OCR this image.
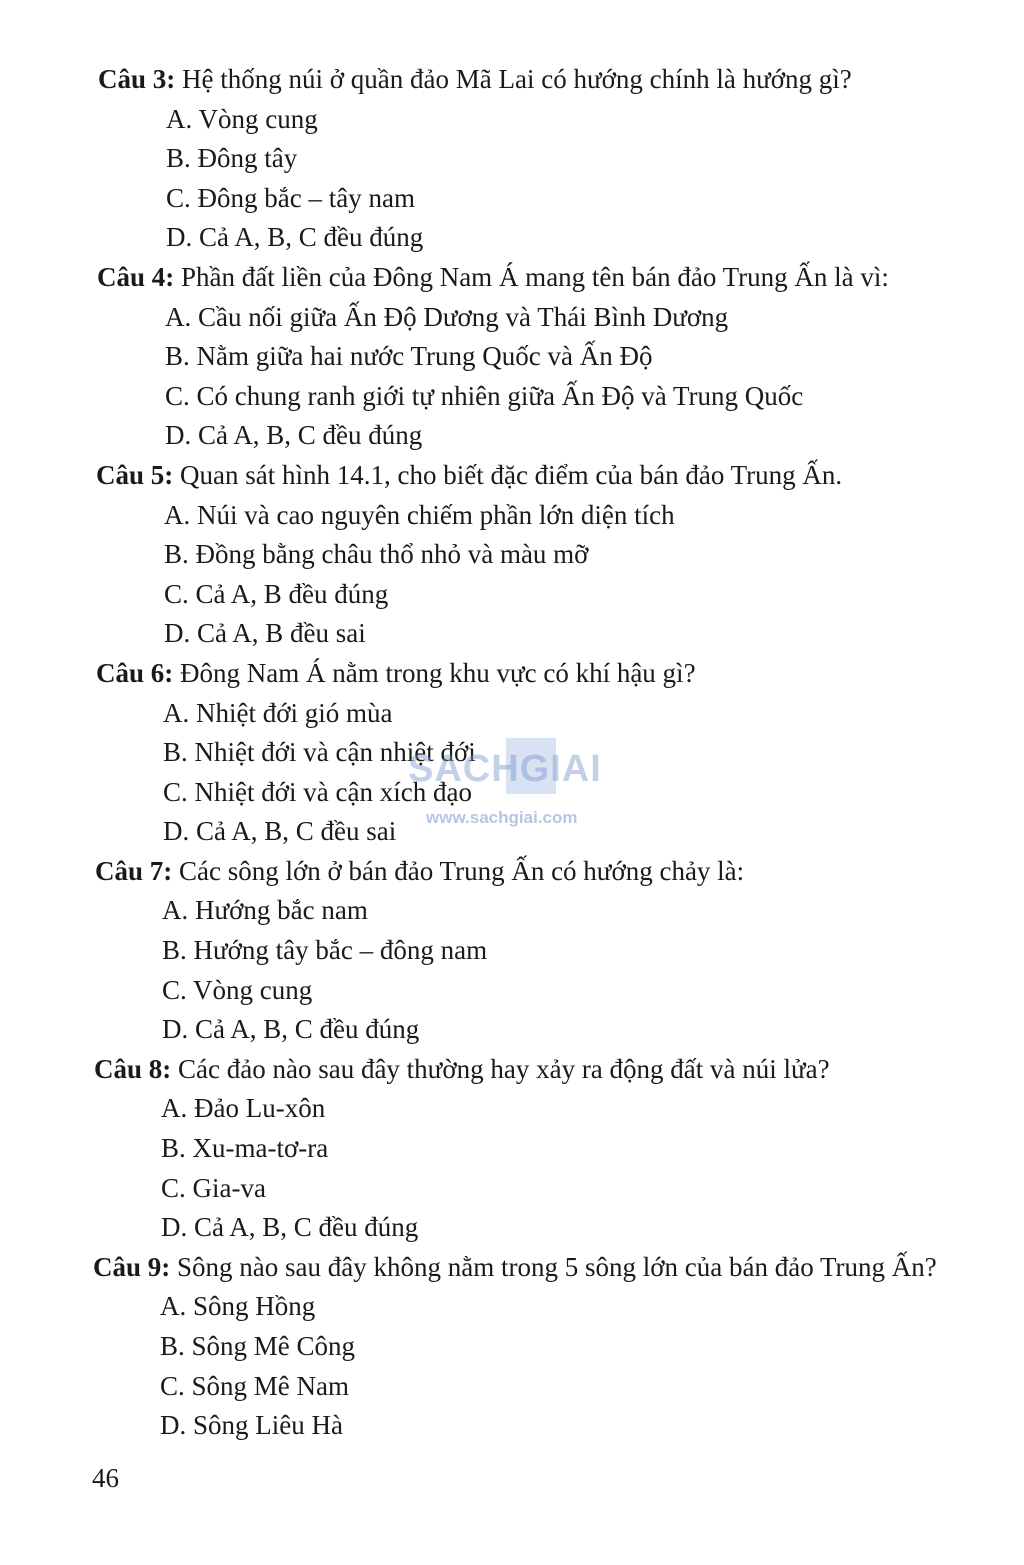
Câu 3: Hệ thống núi ở quần đảo Mã Lai có hướng chính là hướng gì?
A. Vòng cung
B. Đông tây
C. Đông bắc – tây nam
D. Cả A, B, C đều đúng
Câu 4: Phần đất liền của Đông Nam Á mang tên bán đảo Trung Ấn là vì:
A. Cầu nối giữa Ấn Độ Dương và Thái Bình Dương
B. Nằm giữa hai nước Trung Quốc và Ấn Độ
C. Có chung ranh giới tự nhiên giữa Ấn Độ và Trung Quốc
D. Cả A, B, C đều đúng
Câu 5: Quan sát hình 14.1, cho biết đặc điểm của bán đảo Trung Ấn.
A. Núi và cao nguyên chiếm phần lớn diện tích
B. Đồng bằng châu thổ nhỏ và màu mỡ
C. Cả A, B đều đúng
D. Cả A, B đều sai
Câu 6: Đông Nam Á nằm trong khu vực có khí hậu gì?
A. Nhiệt đới gió mùa
B. Nhiệt đới và cận nhiệt đới
C. Nhiệt đới và cận xích đạo
D. Cả A, B, C đều sai
Câu 7: Các sông lớn ở bán đảo Trung Ấn có hướng chảy là:
A. Hướng bắc nam
B. Hướng tây bắc – đông nam
C. Vòng cung
D. Cả A, B, C đều đúng
Câu 8: Các đảo nào sau đây thường hay xảy ra động đất và núi lửa?
A. Đảo Lu-xôn
B. Xu-ma-tơ-ra
C. Gia-va
D. Cả A, B, C đều đúng
Câu 9: Sông nào sau đây không nằm trong 5 sông lớn của bán đảo Trung Ấn?
A. Sông Hồng
B. Sông Mê Công
C. Sông Mê Nam
D. Sông Liêu Hà
SACHGIAI
www.sachgiai.com
46
